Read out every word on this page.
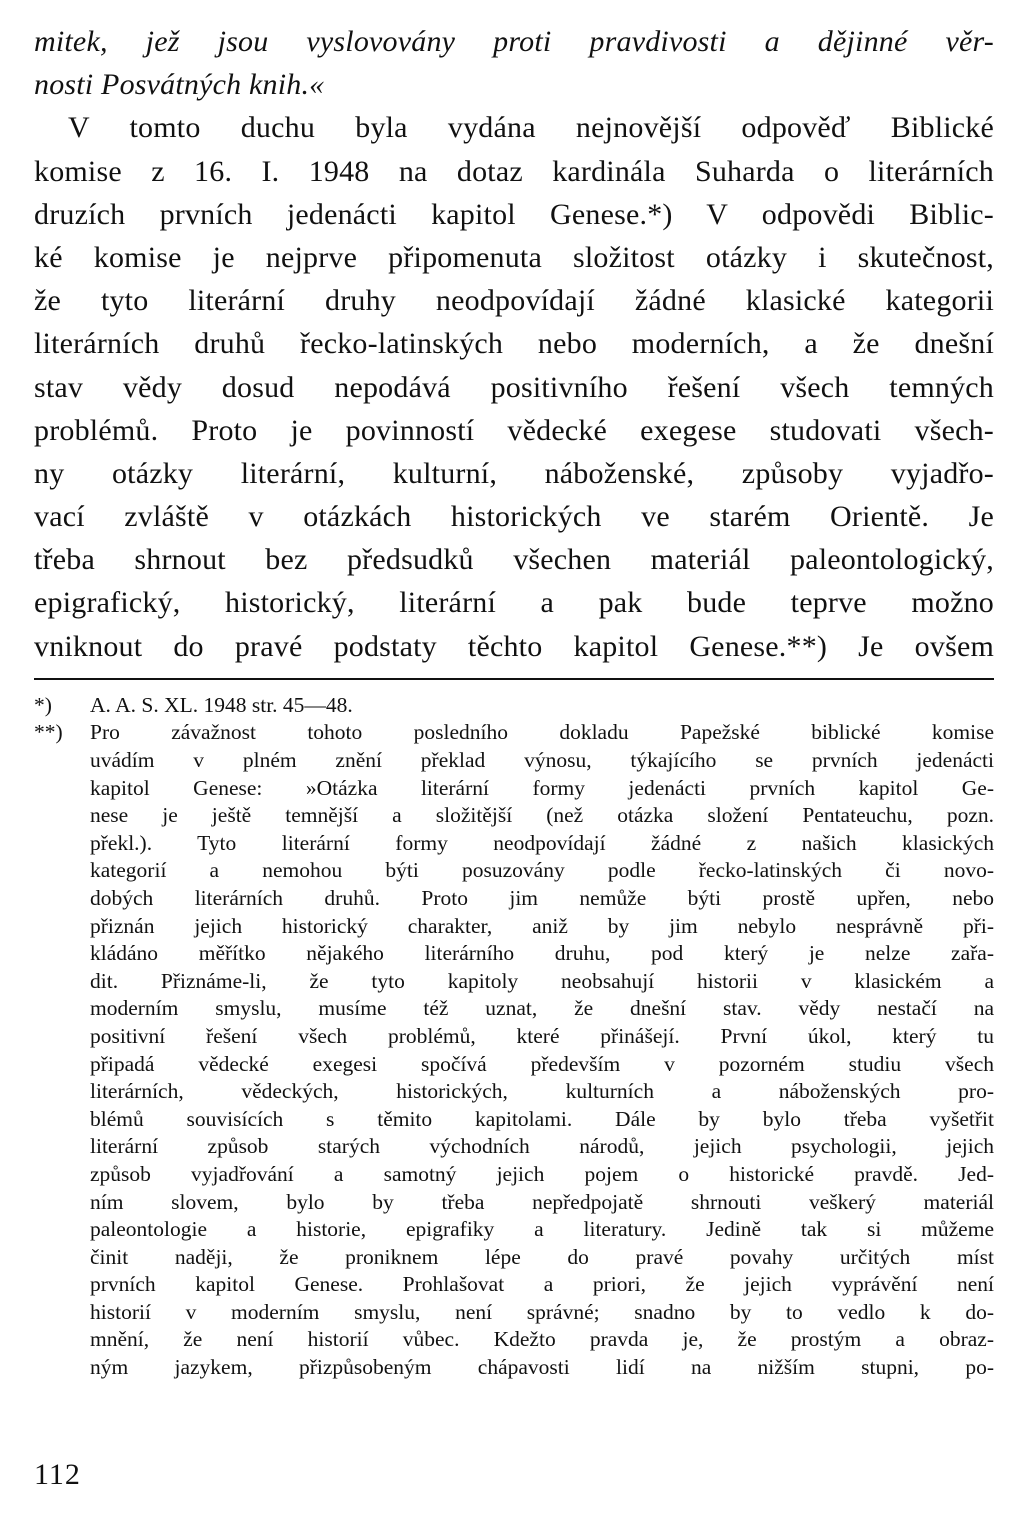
mitek, jež jsou vyslovovány proti pravdivosti a dějinné věr-
nosti Posvátných knih.«
V tomto duchu byla vydána nejnovější odpověď Biblické
komise z 16. I. 1948 na dotaz kardinála Suharda o literárních
druzích prvních jedenácti kapitol Genese.*) V odpovědi Biblic-
ké komise je nejprve připomenuta složitost otázky i skutečnost,
že tyto literární druhy neodpovídají žádné klasické kategorii
literárních druhů řecko-latinských nebo moderních, a že dnešní
stav vědy dosud nepodává positivního řešení všech temných
problémů. Proto je povinností vědecké exegese studovati všech-
ny otázky literární, kulturní, náboženské, způsoby vyjadřo-
vací zvláště v otázkách historických ve starém Orientě. Je
třeba shrnout bez předsudků všechen materiál paleontologický,
epigrafický, historický, literární a pak bude teprve možno
vniknout do pravé podstaty těchto kapitol Genese.**) Je ovšem
*)	A. A. S. XL. 1948 str. 45—48.
**)	Pro závažnost tohoto posledního dokladu Papežské biblické komise
uvádím v plném znění překlad výnosu, týkajícího se prvních jedenácti
kapitol Genese: »Otázka literární formy jedenácti prvních kapitol Ge-
nese je ještě temnější a složitější (než otázka složení Pentateuchu, pozn.
překl.). Tyto literární formy neodpovídají žádné z našich klasických
kategorií a nemohou býti posuzovány podle řecko-latinských či novo-
dobých literárních druhů. Proto jim nemůže býti prostě upřen, nebo
přiznán jejich historický charakter, aniž by jim nebylo nesprávně při-
kládáno měřítko nějakého literárního druhu, pod který je nelze zařa-
dit. Přiznáme-li, že tyto kapitoly neobsahují historii v klasickém a
moderním smyslu, musíme též uznat, že dnešní stav. vědy nestačí na
positivní řešení všech problémů, které přinášejí. První úkol, který tu
připadá vědecké exegesi spočívá především v pozorném studiu všech
literárních, vědeckých, historických, kulturních a náboženských pro-
blémů souvisících s těmito kapitolami. Dále by bylo třeba vyšetřit
literární způsob starých východních národů, jejich psychologii, jejich
způsob vyjadřování a samotný jejich pojem o historické pravdě. Jed-
ním slovem, bylo by třeba nepředpojatě shrnouti veškerý materiál
paleontologie a historie, epigrafiky a literatury. Jedině tak si můžeme
činit naději, že proniknem lépe do pravé povahy určitých míst
prvních kapitol Genese. Prohlašovat a priori, že jejich vyprávění není
historií v moderním smyslu, není správné; snadno by to vedlo k do-
mnění, že není historií vůbec. Kdežto pravda je, že prostým a obraz-
ným jazykem, přizpůsobeným chápavosti lidí na nižším stupni, po-
112
